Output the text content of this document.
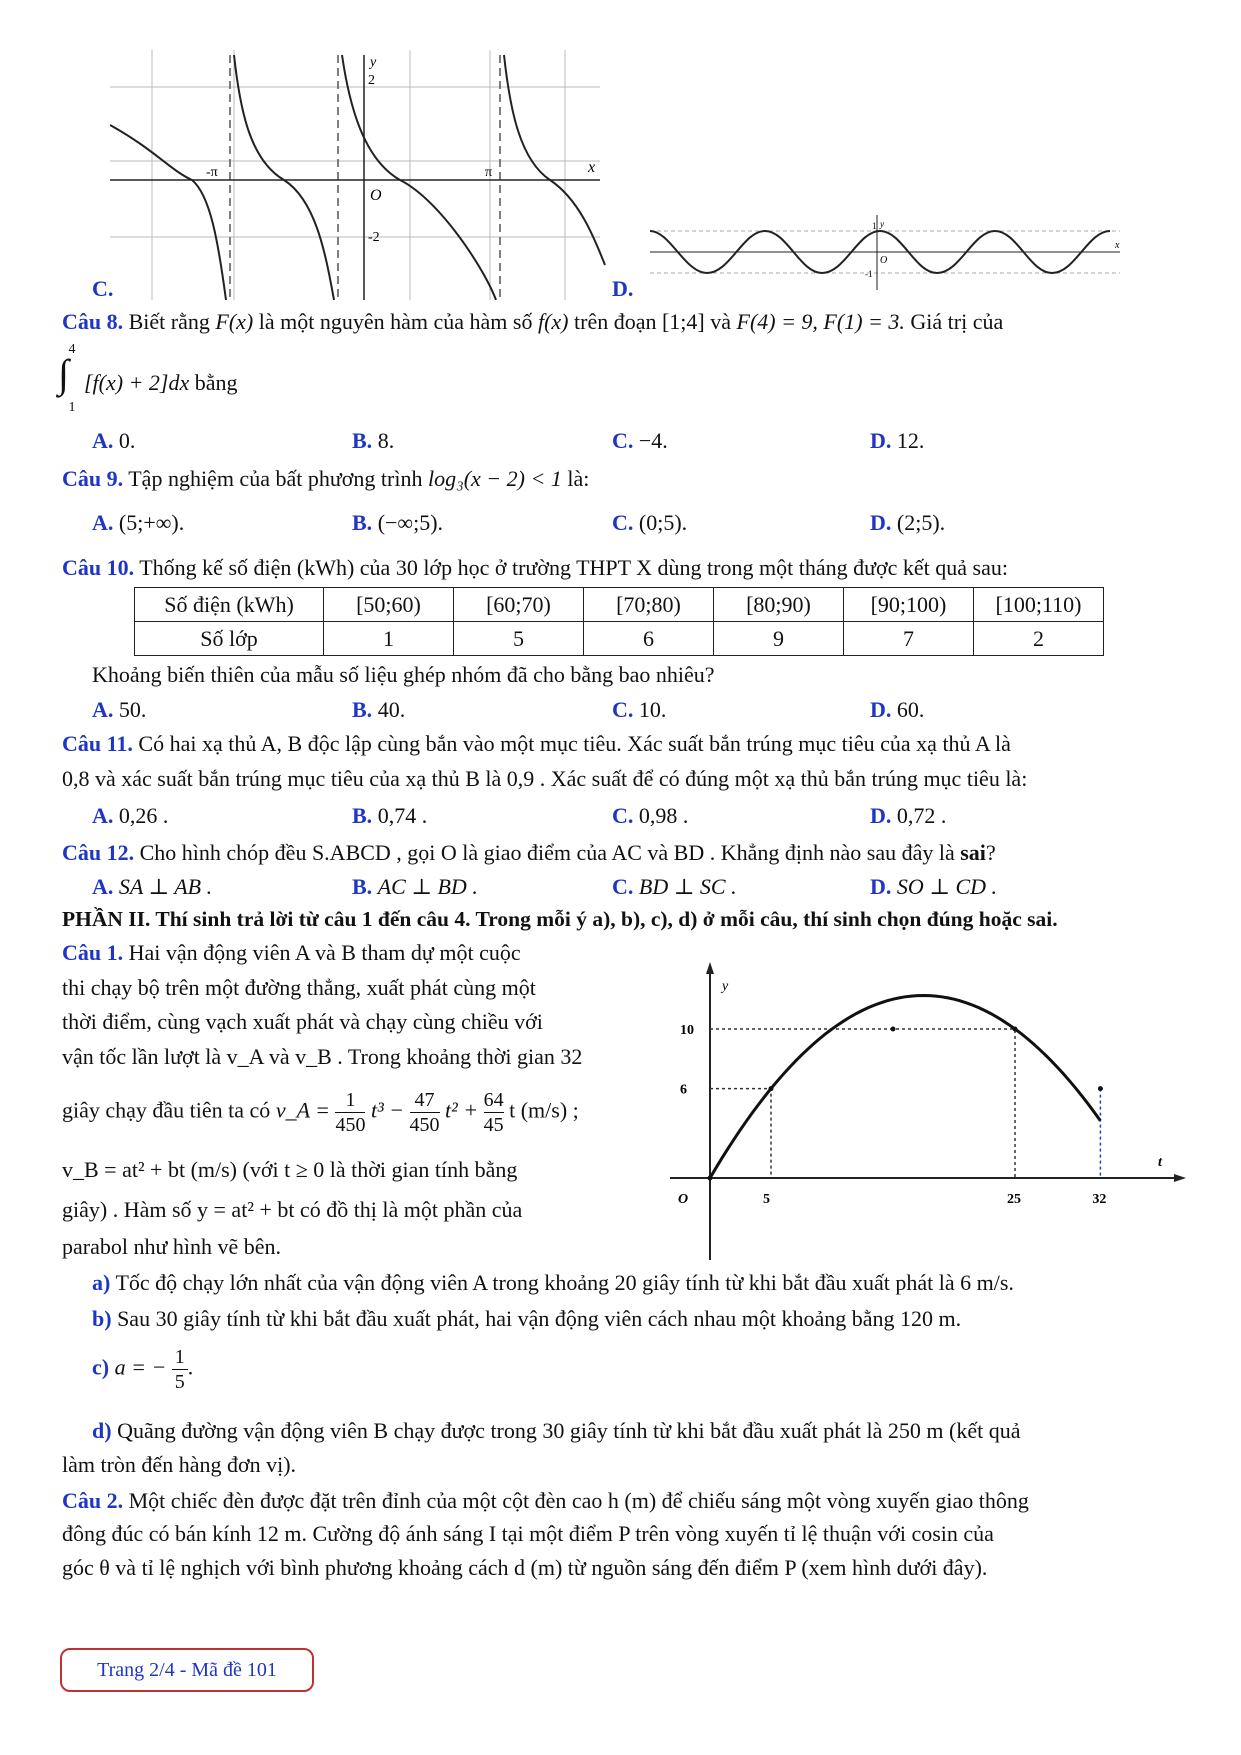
2
-2
-π	π
O
x
y
C.
y
1
-1
O
x
D.
Câu 8. Biết rằng F(x) là một nguyên hàm của hàm số f(x) trên đoạn [1;4] và F(4) = 9, F(1) = 3. Giá trị của
4
∫
1
[f(x) + 2]dx bằng
A. 0.	B. 8.	C. −4.	D. 12.
Câu 9. Tập nghiệm của bất phương trình log₃(x − 2) < 1 là:
A. (5;+∞).	B. (−∞;5).	C. (0;5).	D. (2;5).
Câu 10. Thống kế số điện (kWh) của 30 lớp học ở trường THPT X dùng trong một tháng được kết quả sau:
Số điện (kWh)	[50;60)	[60;70)	[70;80)	[80;90)	[90;100)	[100;110)
Số lớp	1	5	6	9	7	2
Khoảng biến thiên của mẫu số liệu ghép nhóm đã cho bằng bao nhiêu?
A. 50.	B. 40.	C. 10.	D. 60.
Câu 11. Có hai xạ thủ A, B độc lập cùng bắn vào một mục tiêu. Xác suất bắn trúng mục tiêu của xạ thủ A là
0,8 và xác suất bắn trúng mục tiêu của xạ thủ B là 0,9 . Xác suất để có đúng một xạ thủ bắn trúng mục tiêu là:
A. 0,26 .	B. 0,74 .	C. 0,98 .	D. 0,72 .
Câu 12. Cho hình chóp đều S.ABCD , gọi O là giao điểm của AC và BD . Khẳng định nào sau đây là sai?
A. SA ⊥ AB .	B. AC ⊥ BD .	C. BD ⊥ SC .	D. SO ⊥ CD .
PHẦN II. Thí sinh trả lời từ câu 1 đến câu 4. Trong mỗi ý a), b), c), d) ở mỗi câu, thí sinh chọn đúng hoặc sai.
Câu 1. Hai vận động viên A và B tham dự một cuộc
thi chạy bộ trên một đường thẳng, xuất phát cùng một
thời điểm, cùng vạch xuất phát và chạy cùng chiều với
vận tốc lần lượt là v_A và v_B . Trong khoảng thời gian 32
giây chạy đầu tiên ta có v_A = $\frac{1}{450} t^3 - \frac{47}{450} t^2 + \frac{64}{45}$ t (m/s) ;
v_B = at² + bt (m/s) (với t ≥ 0 là thời gian tính bằng
giây) . Hàm số y = at² + bt có đồ thị là một phần của
parabol như hình vẽ bên.
5	25	32
6
10
y
t
O
a) Tốc độ chạy lớn nhất của vận động viên A trong khoảng 20 giây tính từ khi bắt đầu xuất phát là 6 m/s.
b) Sau 30 giây tính từ khi bắt đầu xuất phát, hai vận động viên cách nhau một khoảng bằng 120 m.
c) a = − $\frac{1}{5}$ .
d) Quãng đường vận động viên B chạy được trong 30 giây tính từ khi bắt đầu xuất phát là 250 m (kết quả
làm tròn đến hàng đơn vị).
Câu 2. Một chiếc đèn được đặt trên đỉnh của một cột đèn cao h (m) để chiếu sáng một vòng xuyến giao thông
đông đúc có bán kính 12 m. Cường độ ánh sáng I tại một điểm P trên vòng xuyến tỉ lệ thuận với cosin của
góc θ và tỉ lệ nghịch với bình phương khoảng cách d (m) từ nguồn sáng đến điểm P (xem hình dưới đây).
Trang 2/4 - Mã đề 101
